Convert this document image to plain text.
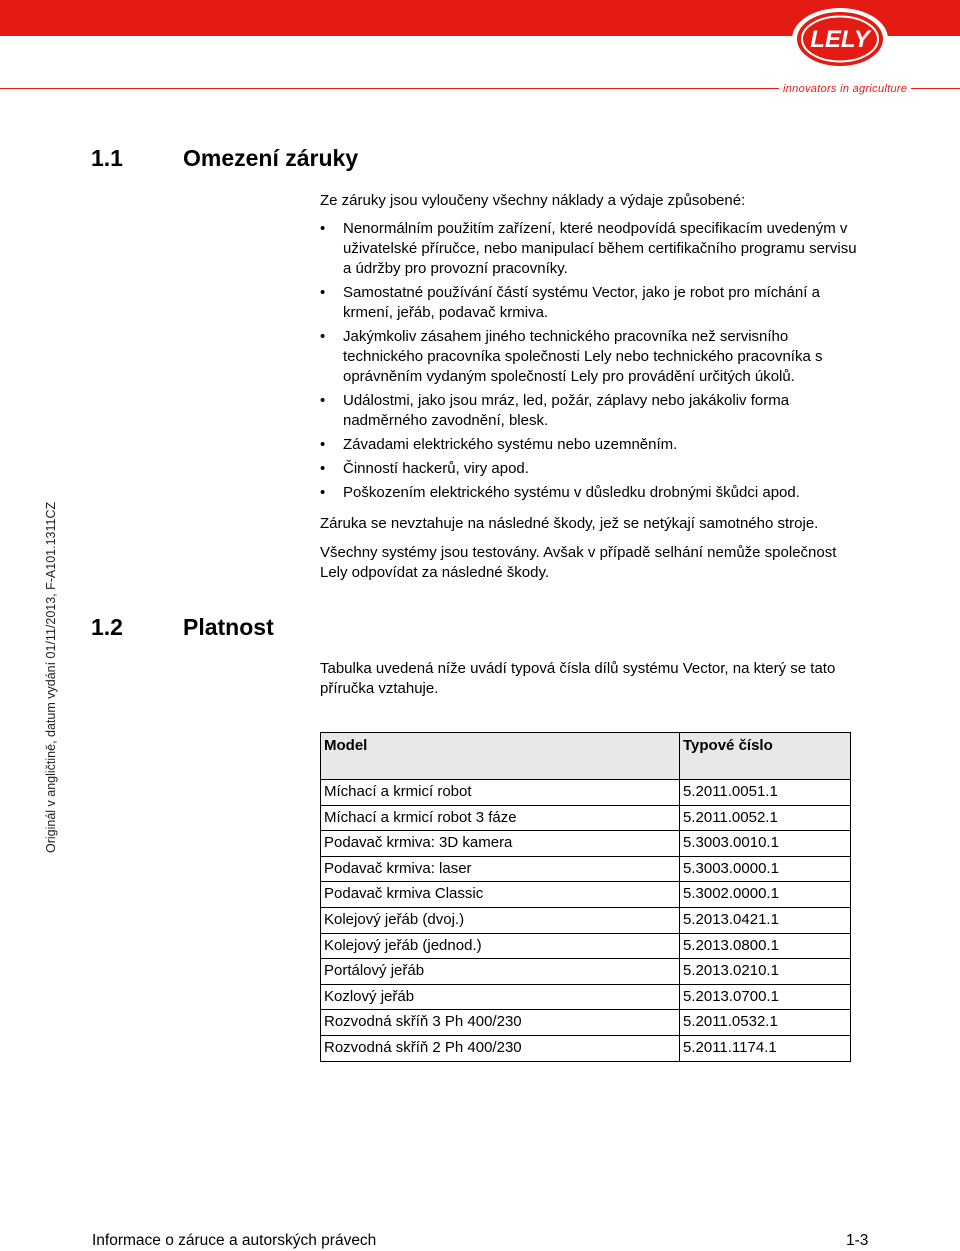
LELY
innovators in agriculture
Originál v angličtině, datum vydání 01/11/2013, F-A101.1311CZ
1.1	Omezení záruky
Ze záruky jsou vyloučeny všechny náklady a výdaje způsobené:
• Nenormálním použitím zařízení, které neodpovídá specifikacím uvedeným v uživatelské příručce, nebo manipulací během certifikačního programu servisu a údržby pro provozní pracovníky.
• Samostatné používání částí systému Vector, jako je robot pro míchání a krmení, jeřáb, podavač krmiva.
• Jakýmkoliv zásahem jiného technického pracovníka než servisního technického pracovníka společnosti Lely nebo technického pracovníka s oprávněním vydaným společností Lely pro provádění určitých úkolů.
• Událostmi, jako jsou mráz, led, požár, záplavy nebo jakákoliv forma nadměrného zavodnění, blesk.
• Závadami elektrického systému nebo uzemněním.
• Činností hackerů, viry apod.
• Poškozením elektrického systému v důsledku drobnými škůdci apod.
Záruka se nevztahuje na následné škody, jež se netýkají samotného stroje.
Všechny systémy jsou testovány. Avšak v případě selhání nemůže společnost Lely odpovídat za následné škody.
1.2	Platnost
Tabulka uvedená níže uvádí typová čísla dílů systému Vector, na který se tato příručka vztahuje.
Model	Typové číslo
Míchací a krmicí robot	5.2011.0051.1
Míchací a krmicí robot 3 fáze	5.2011.0052.1
Podavač krmiva: 3D kamera	5.3003.0010.1
Podavač krmiva: laser	5.3003.0000.1
Podavač krmiva Classic	5.3002.0000.1
Kolejový jeřáb (dvoj.)	5.2013.0421.1
Kolejový jeřáb (jednod.)	5.2013.0800.1
Portálový jeřáb	5.2013.0210.1
Kozlový jeřáb	5.2013.0700.1
Rozvodná skříň 3 Ph 400/230	5.2011.0532.1
Rozvodná skříň 2 Ph 400/230	5.2011.1174.1
Informace o záruce a autorských právech	1-3
